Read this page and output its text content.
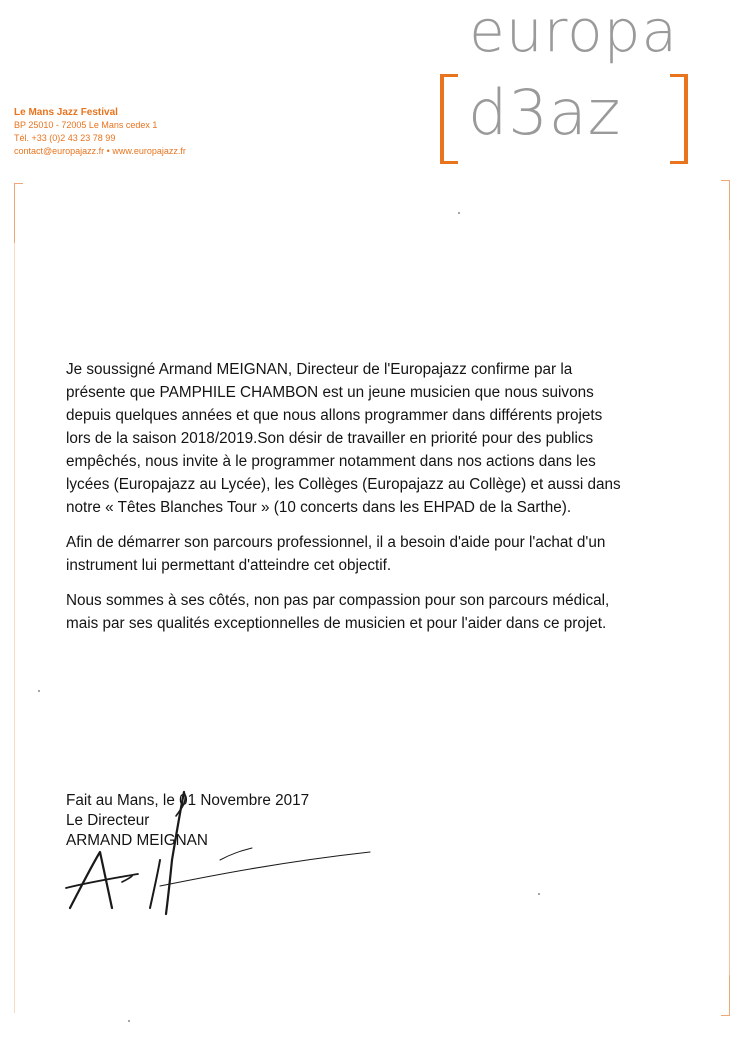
europa
d3az
Le Mans Jazz Festival
BP 25010 - 72005 Le Mans cedex 1
Tél. +33 (0)2 43 23 78 99
contact@europajazz.fr • www.europajazz.fr

Je soussigné Armand MEIGNAN, Directeur de l'Europajazz confirme par la présente que PAMPHILE CHAMBON est un jeune musicien que nous suivons depuis quelques années et que nous allons programmer dans différents projets lors de la saison 2018/2019.Son désir de travailler en priorité pour des publics empêchés, nous invite à le programmer notamment dans nos actions dans les lycées (Europajazz au Lycée), les Collèges (Europajazz au Collège) et aussi dans notre « Têtes Blanches Tour » (10 concerts dans les EHPAD de la Sarthe).

Afin de démarrer son parcours professionnel, il a besoin d'aide pour l'achat d'un instrument lui permettant d'atteindre cet objectif.

Nous sommes à ses côtés, non pas par compassion pour son parcours médical, mais par ses qualités exceptionnelles de musicien et pour l'aider dans ce projet.

Fait au Mans, le 01 Novembre 2017
Le Directeur
ARMAND MEIGNAN
